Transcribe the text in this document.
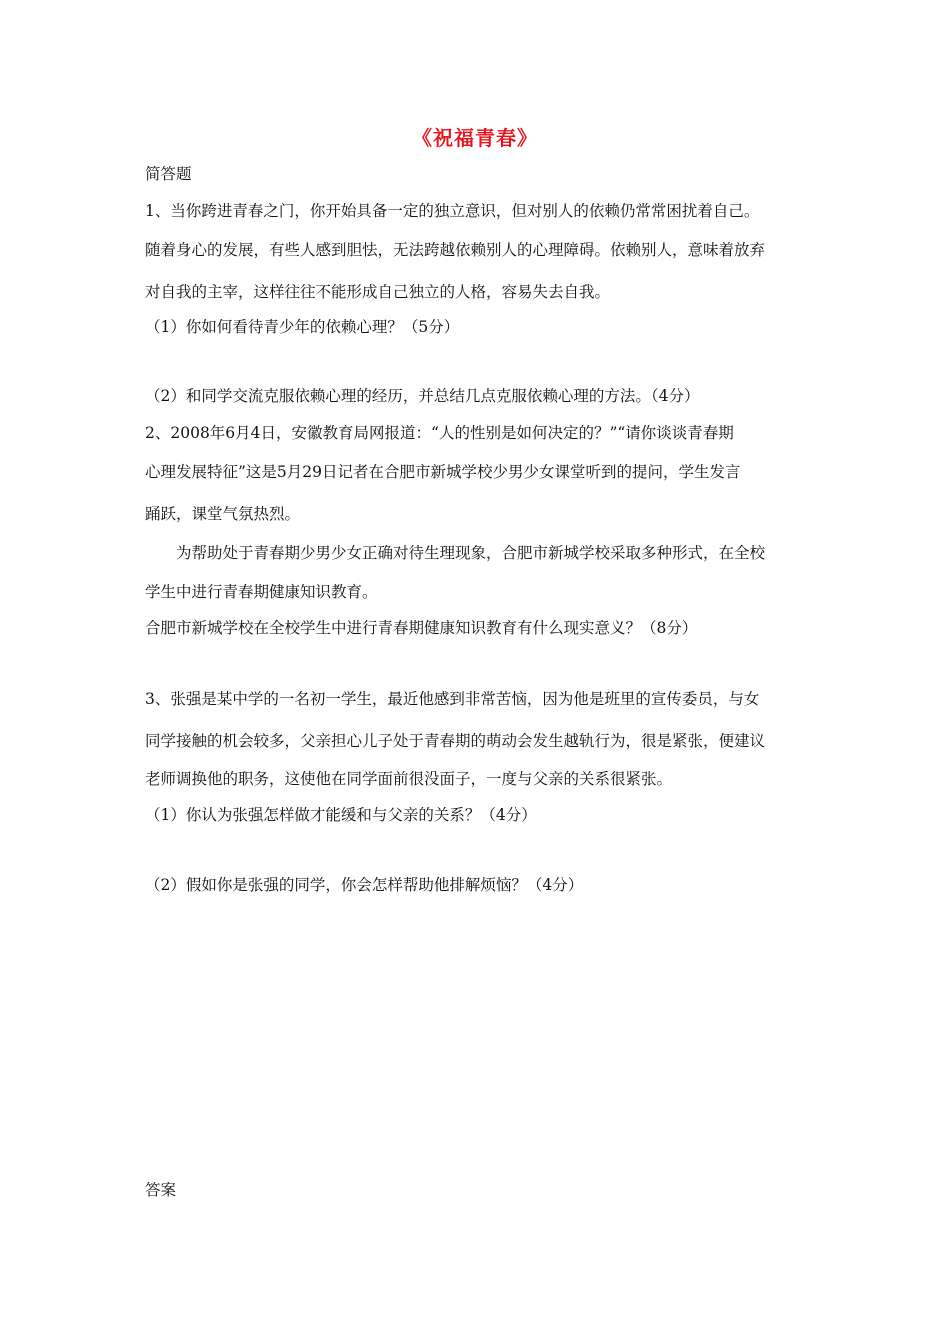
《祝福青春》
简答题
1、当你跨进青春之门，你开始具备一定的独立意识，但对别人的依赖仍常常困扰着自己。
随着身心的发展，有些人感到胆怯，无法跨越依赖别人的心理障碍。依赖别人，意味着放弃
对自我的主宰，这样往往不能形成自己独立的人格，容易失去自我。
（1）你如何看待青少年的依赖心理？（5分）
（2）和同学交流克服依赖心理的经历，并总结几点克服依赖心理的方法。（4分）
2、2008年6月4日，安徽教育局网报道：“人的性别是如何决定的？”“请你谈谈青春期
心理发展特征”这是5月29日记者在合肥市新城学校少男少女课堂听到的提问，学生发言
踊跃，课堂气氛热烈。
　　为帮助处于青春期少男少女正确对待生理现象，合肥市新城学校采取多种形式，在全校
学生中进行青春期健康知识教育。
合肥市新城学校在全校学生中进行青春期健康知识教育有什么现实意义？（8分）
3、张强是某中学的一名初一学生，最近他感到非常苦恼，因为他是班里的宣传委员，与女
同学接触的机会较多，父亲担心儿子处于青春期的萌动会发生越轨行为，很是紧张，便建议
老师调换他的职务，这使他在同学面前很没面子，一度与父亲的关系很紧张。
（1）你认为张强怎样做才能缓和与父亲的关系？（4分）
（2）假如你是张强的同学，你会怎样帮助他排解烦恼？（4分）
答案
